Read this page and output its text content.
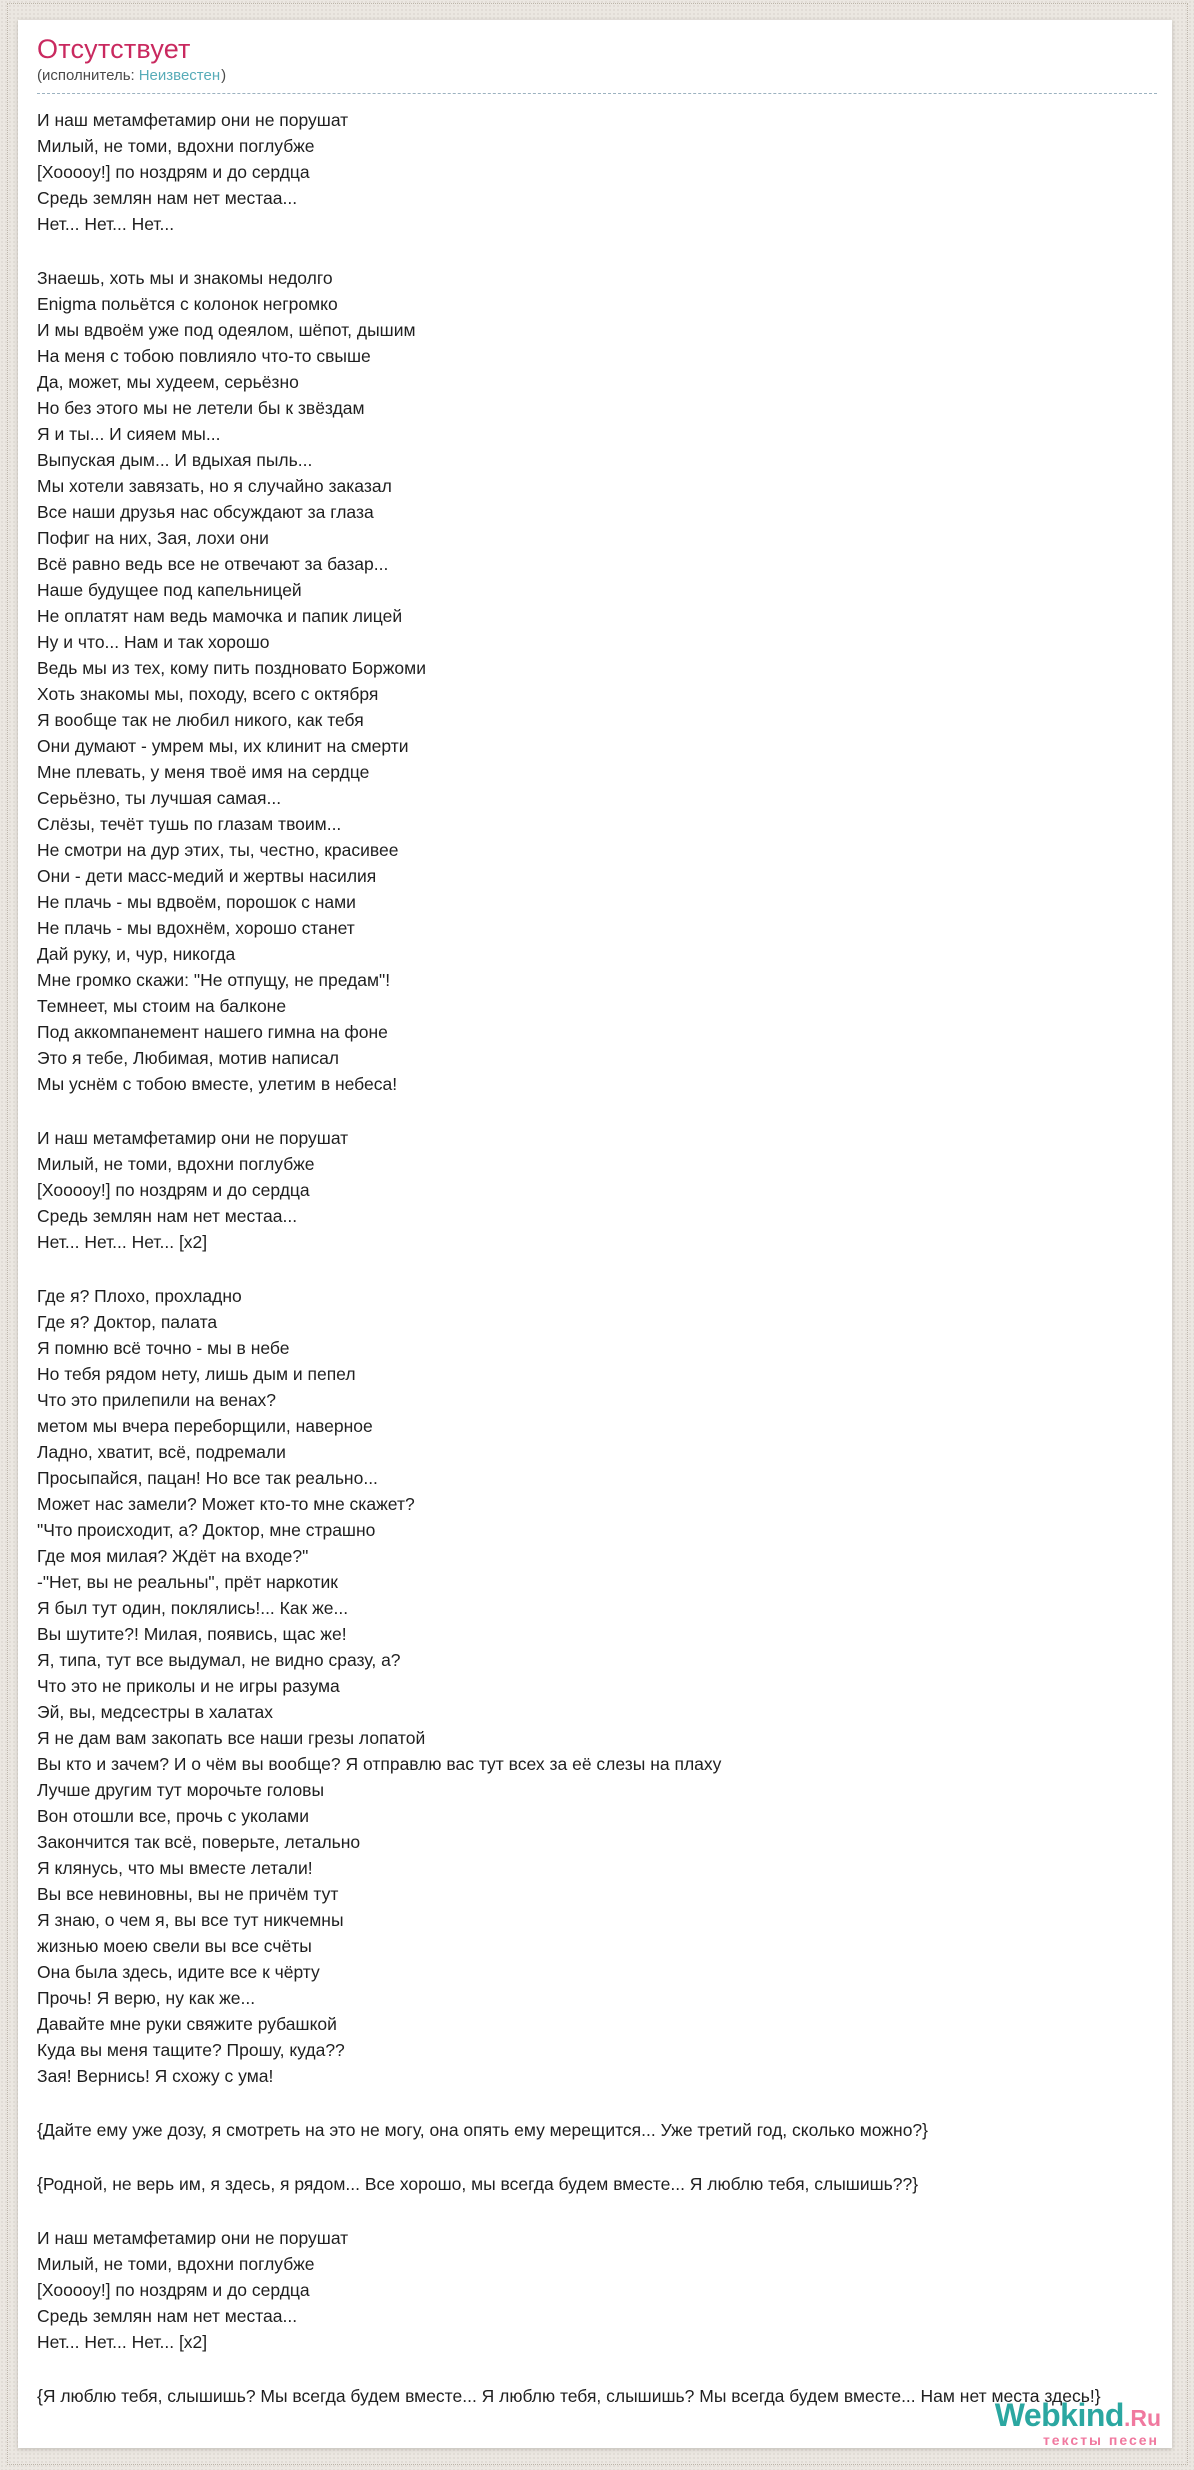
Отсутствует
(исполнитель: Неизвестен)

И наш метамфетамир они не порушат
Милый, не томи, вдохни поглубже
[Хооооу!] по ноздрям и до сердца
Средь землян нам нет местаа...
Нет... Нет... Нет...

Знаешь, хоть мы и знакомы недолго
Enigma польётся с колонок негромко
И мы вдвоём уже под одеялом, шёпот, дышим
На меня с тобою повлияло что-то свыше
Да, может, мы худеем, серьёзно
Но без этого мы не летели бы к звёздам
Я и ты... И сияем мы...
Выпуская дым... И вдыхая пыль...
Мы хотели завязать, но я случайно заказал
Все наши друзья нас обсуждают за глаза
Пофиг на них, Зая, лохи они
Всё равно ведь все не отвечают за базар...
Наше будущее под капельницей
Не оплатят нам ведь мамочка и папик лицей
Ну и что... Нам и так хорошо
Ведь мы из тех, кому пить поздновато Боржоми
Хоть знакомы мы, походу, всего с октября
Я вообще так не любил никого, как тебя
Они думают - умрем мы, их клинит на смерти
Мне плевать, у меня твоё имя на сердце
Серьёзно, ты лучшая самая...
Слёзы, течёт тушь по глазам твоим...
Не смотри на дур этих, ты, честно, красивее
Они - дети масс-медий и жертвы насилия
Не плачь - мы вдвоём, порошок с нами
Не плачь - мы вдохнём, хорошо станет
Дай руку, и, чур, никогда
Мне громко скажи: "Не отпущу, не предам"!
Темнеет, мы стоим на балконе
Под аккомпанемент нашего гимна на фоне
Это я тебе, Любимая, мотив написал
Мы уснём с тобою вместе, улетим в небеса!

И наш метамфетамир они не порушат
Милый, не томи, вдохни поглубже
[Хооооу!] по ноздрям и до сердца
Средь землян нам нет местаа...
Нет... Нет... Нет... [х2]

Где я? Плохо, прохладно
Где я? Доктор, палата
Я помню всё точно - мы в небе
Но тебя рядом нету, лишь дым и пепел
Что это прилепили на венах?
метом мы вчера переборщили, наверное
Ладно, хватит, всё, подремали
Просыпайся, пацан! Но все так реально...
Может нас замели? Может кто-то мне скажет?
"Что происходит, а? Доктор, мне страшно
Где моя милая? Ждёт на входе?"
-"Нет, вы не реальны", прёт наркотик
Я был тут один, поклялись!... Как же...
Вы шутите?! Милая, появись, щас же!
Я, типа, тут все выдумал, не видно сразу, а?
Что это не приколы и не игры разума
Эй, вы, медсестры в халатах
Я не дам вам закопать все наши грезы лопатой
Вы кто и зачем? И о чём вы вообще? Я отправлю вас тут всех за её слезы на плаху
Лучше другим тут морочьте головы
Вон отошли все, прочь с уколами
Закончится так всё, поверьте, летально
Я клянусь, что мы вместе летали!
Вы все невиновны, вы не причём тут
Я знаю, о чем я, вы все тут никчемны
жизнью моею свели вы все счёты
Она была здесь, идите все к чёрту
Прочь! Я верю, ну как же...
Давайте мне руки свяжите рубашкой
Куда вы меня тащите? Прошу, куда??
Зая! Вернись! Я схожу с ума!

{Дайте ему уже дозу, я смотреть на это не могу, она опять ему мерещится... Уже третий год, сколько можно?}

{Родной, не верь им, я здесь, я рядом... Все хорошо, мы всегда будем вместе... Я люблю тебя, слышишь??}

И наш метамфетамир они не порушат
Милый, не томи, вдохни поглубже
[Хооооу!] по ноздрям и до сердца
Средь землян нам нет местаа...
Нет... Нет... Нет... [х2]

{Я люблю тебя, слышишь? Мы всегда будем вместе... Я люблю тебя, слышишь? Мы всегда будем вместе... Нам нет места здесь!}

Webkind.Ru
тексты песен
